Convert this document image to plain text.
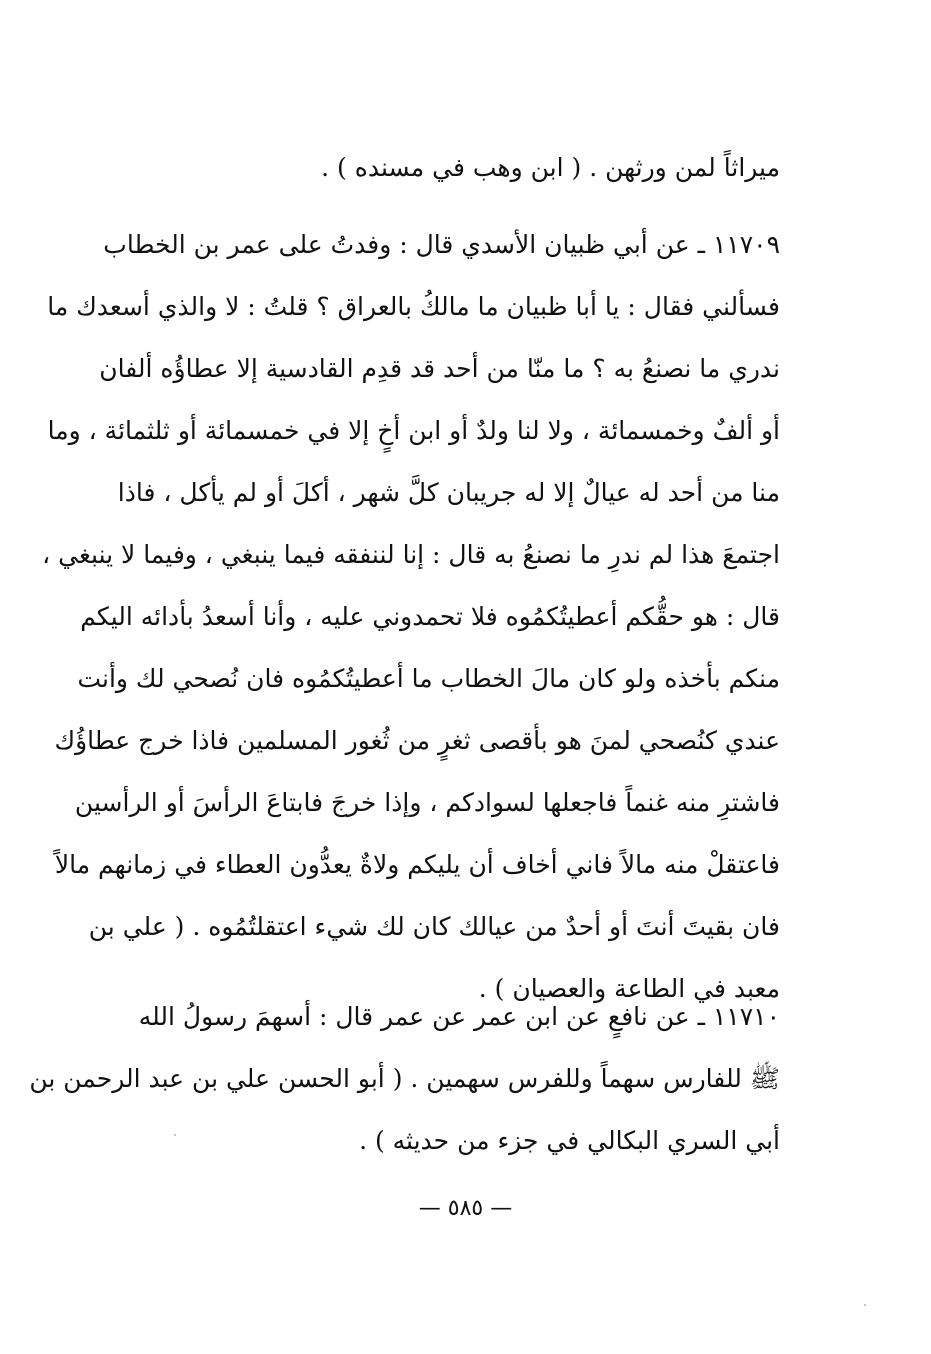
ميراثاً لمن ورثهن . ( ابن وهب في مسنده ) .
١١٧٠٩ ـ عن أبي ظبيان الأسدي قال : وفدتُ على عمر بن الخطاب
فسألني فقال : يا أبا ظبيان ما مالكُ بالعراق ؟ قلتُ : لا والذي أسعدك ما
ندري ما نصنعُ به ؟ ما منّا من أحد قد قدِم القادسية إلا عطاؤُه ألفان
أو ألفٌ وخمسمائة ، ولا لنا ولدٌ أو ابن أخٍ إلا في خمسمائة أو ثلثمائة ، وما
منا من أحد له عيالٌ إلا له جريبان كلَّ شهر ، أكلَ أو لم يأكل ، فاذا
اجتمعَ هذا لم ندرِ ما نصنعُ به قال : إنا لننفقه فيما ينبغي ، وفيما لا ينبغي ،
قال : هو حقُّكم أعطيتُكمُوه فلا تحمدوني عليه ، وأنا أسعدُ بأدائه اليكم
منكم بأخذه ولو كان مالَ الخطاب ما أعطيتُكمُوه فان نُصحي لك وأنت
عندي كنُصحي لمنَ هو بأقصى ثغرٍ من ثُغور المسلمين فاذا خرج عطاؤُك
فاشترِ منه غنماً فاجعلها لسوادكم ، وإذا خرجَ فابتاعَ الرأسَ أو الرأسين
فاعتقلْ منه مالاً فاني أخاف أن يليكم ولاةٌ يعدُّون العطاء في زمانهم مالاً
فان بقيتَ أنتَ أو أحدٌ من عيالك كان لك شيء اعتقلتُمُوه . ( علي بن
معبد في الطاعة والعصيان ) .
١١٧١٠ ـ عن نافعٍ عن ابن عمر عن عمر قال : أسهمَ رسولُ الله
ﷺ للفارس سهماً وللفرس سهمين . ( أبو الحسن علي بن عبد الرحمن بن
أبي السري البكالي في جزء من حديثه ) .
— ٥٨٥ —
